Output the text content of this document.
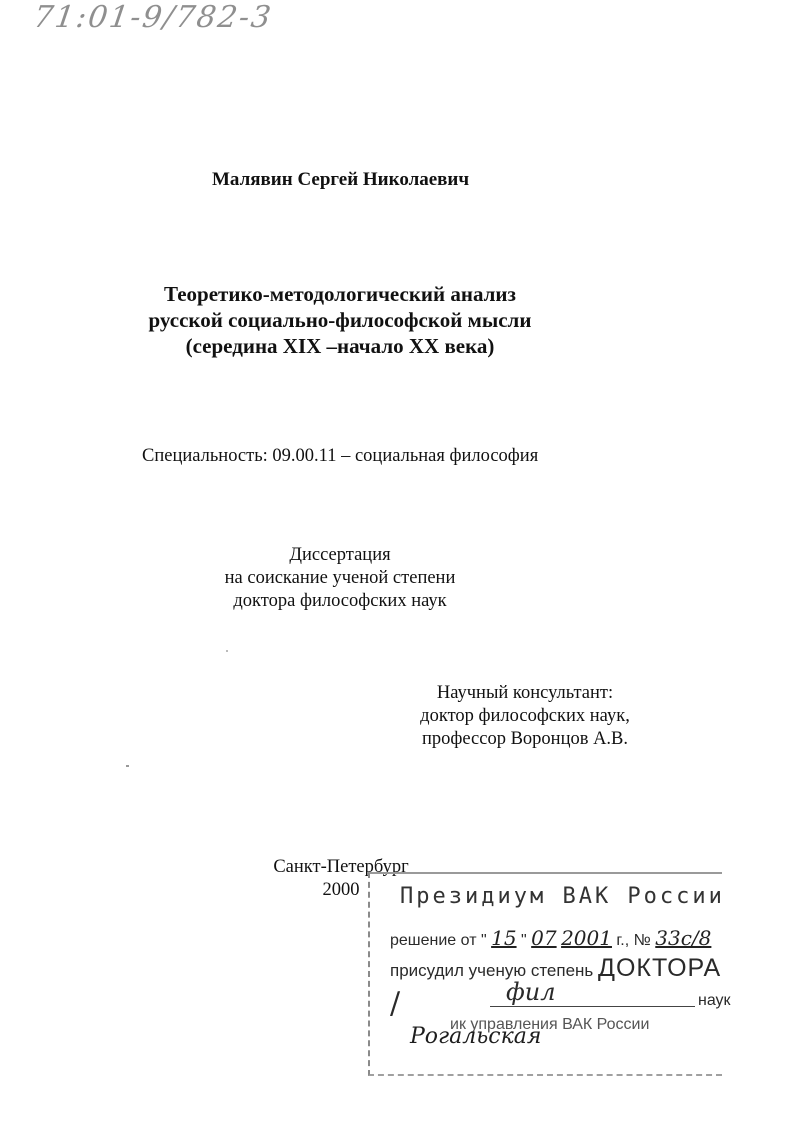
71:01-9/782-3
Малявин Сергей Николаевич
Теоретико-методологический анализ
русской социально-философской мысли
(середина XIX –начало XX века)
Специальность: 09.00.11 – социальная философия
Диссертация
на соискание ученой степени
доктора философских наук
Научный консультант:
доктор философских наук,
профессор Воронцов А.В.
Санкт-Петербург
2000	Президиум ВАК России
решение от " 15 " 07 2001 г., № 33с/8
присудил ученую степень ДОКТОРА
/	фил	наук
ик управления ВАК России
Рогальская
